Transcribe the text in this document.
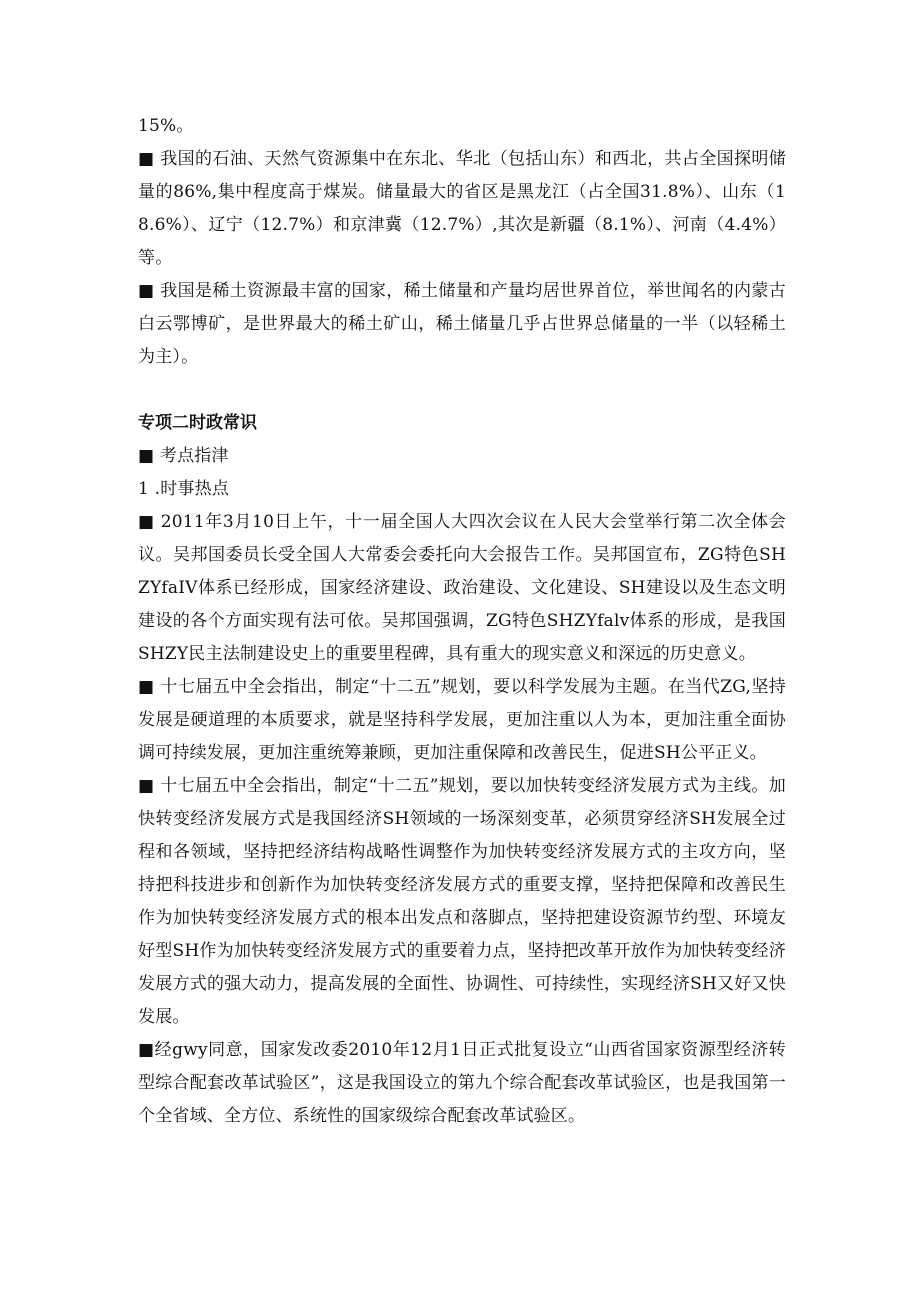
15%。

■ 我国的石油、天然气资源集中在东北、华北（包括山东）和西北，共占全国探明储量的86%,集中程度高于煤炭。储量最大的省区是黑龙江（占全国31.8%）、山东（18.6%）、辽宁（12.7%）和京津冀（12.7%）,其次是新疆（8.1%）、河南（4.4%）等。

■ 我国是稀土资源最丰富的国家，稀土储量和产量均居世界首位，举世闻名的内蒙古白云鄂博矿，是世界最大的稀土矿山，稀土储量几乎占世界总储量的一半（以轻稀土为主）。

专项二时政常识

■ 考点指津

1 .时事热点

■ 2011年3月10日上午，十一届全国人大四次会议在人民大会堂举行第二次全体会议。吴邦国委员长受全国人大常委会委托向大会报告工作。吴邦国宣布，ZG特色SHZYfaIV体系已经形成，国家经济建设、政治建设、文化建设、SH建设以及生态文明建设的各个方面实现有法可依。吴邦国强调，ZG特色SHZYfalv体系的形成，是我国SHZY民主法制建设史上的重要里程碑，具有重大的现实意义和深远的历史意义。

■ 十七届五中全会指出，制定“十二五”规划，要以科学发展为主题。在当代ZG,坚持发展是硬道理的本质要求，就是坚持科学发展，更加注重以人为本，更加注重全面协调可持续发展，更加注重统筹兼顾，更加注重保障和改善民生，促进SH公平正义。

■ 十七届五中全会指出，制定“十二五”规划，要以加快转变经济发展方式为主线。加快转变经济发展方式是我国经济SH领域的一场深刻变革，必须贯穿经济SH发展全过程和各领域，坚持把经济结构战略性调整作为加快转变经济发展方式的主攻方向，坚持把科技进步和创新作为加快转变经济发展方式的重要支撑，坚持把保障和改善民生作为加快转变经济发展方式的根本出发点和落脚点，坚持把建设资源节约型、环境友好型SH作为加快转变经济发展方式的重要着力点，坚持把改革开放作为加快转变经济发展方式的强大动力，提高发展的全面性、协调性、可持续性，实现经济SH又好又快发展。

■经gwy同意，国家发改委2010年12月1日正式批复设立“山西省国家资源型经济转型综合配套改革试验区”，这是我国设立的第九个综合配套改革试验区，也是我国第一个全省域、全方位、系统性的国家级综合配套改革试验区。
